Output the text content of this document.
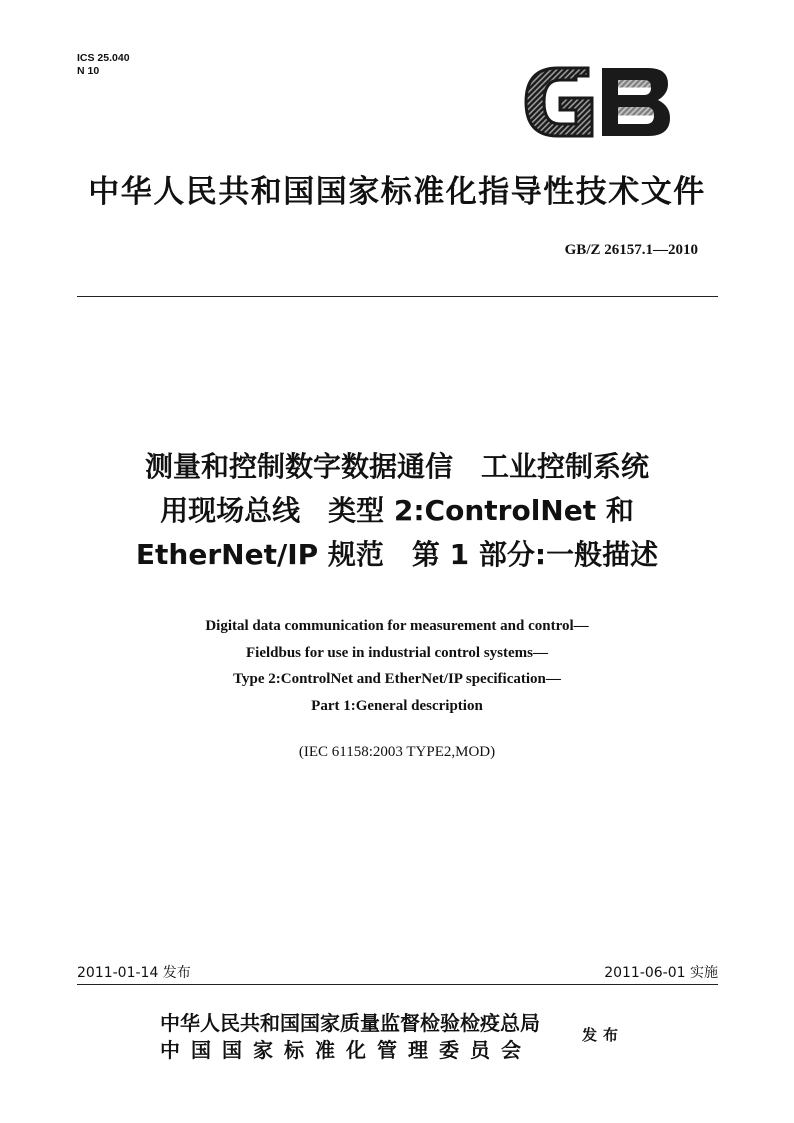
ICS 25.040
N 10
GB
中华人民共和国国家标准化指导性技术文件
GB/Z 26157.1—2010
测量和控制数字数据通信　工业控制系统
用现场总线　类型 2:ControlNet 和
EtherNet/IP 规范　第 1 部分:一般描述
Digital data communication for measurement and control—
Fieldbus for use in industrial control systems—
Type 2:ControlNet and EtherNet/IP specification—
Part 1:General description
(IEC 61158:2003 TYPE2,MOD)
2011-01-14 发布	2011-06-01 实施
中华人民共和国国家质量监督检验检疫总局
中国国家标准化管理委员会
发布
